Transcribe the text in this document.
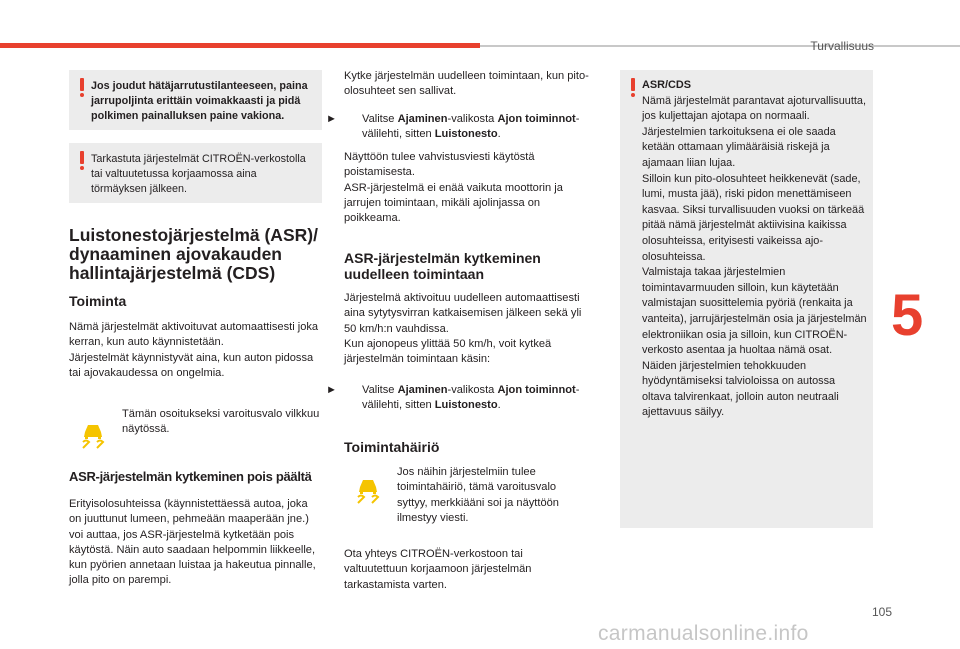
Turvallisuus
5
105
carmanualsonline.info
Jos joudut hätäjarrutustilanteeseen, paina jarrupoljinta erittäin voimakkaasti ja pidä polkimen painalluksen paine vakiona.
Tarkastuta järjestelmät CITROËN-verkostolla tai valtuutetussa korjaamossa aina törmäyksen jälkeen.
Luistonestojärjestelmä (ASR)/
dynaaminen ajovakauden
hallintajärjestelmä (CDS)
Toiminta

Nämä järjestelmät aktivoituvat automaattisesti joka kerran, kun auto käynnistetään.

Järjestelmät käynnistyvät aina, kun auton pidossa tai ajovakaudessa on ongelmia.

Tämän osoitukseksi varoitusvalo vilkkuu näytössä.
ASR-järjestelmän kytkeminen pois päältä
Erityisolosuhteissa (käynnistettäessä autoa, joka on juuttunut lumeen, pehmeään maaperään jne.) voi auttaa, jos ASR-järjestelmä kytketään pois käytöstä. Näin auto saadaan helpommin liikkeelle, kun pyörien annetaan luistaa ja hakeutua pinnalle, jolla pito on parempi.
Kytke järjestelmän uudelleen toimintaan, kun pito-olosuhteet sen sallivat.
► Valitse Ajaminen-valikosta Ajon toiminnot-välilehti, sitten Luistonesto.

Näyttöön tulee vahvistusviesti käytöstä poistamisesta.

ASR-järjestelmä ei enää vaikuta moottorin ja jarrujen toimintaan, mikäli ajolinjassa on poikkeama.

ASR-järjestelmän kytkeminen
uudelleen toimintaan

Järjestelmä aktivoituu uudelleen automaattisesti aina sytytysvirran katkaisemisen jälkeen sekä yli 50 km/h:n vauhdissa.

Kun ajonopeus ylittää 50 km/h, voit kytkeä järjestelmän toimintaan käsin:

► Valitse Ajaminen-valikosta Ajon toiminnot-välilehti, sitten Luistonesto.
Toimintahäiriö
Jos näihin järjestelmiin tulee toimintahäiriö, tämä varoitusvalo syttyy, merkkiääni soi ja näyttöön ilmestyy viesti.
Ota yhteys CITROËN-verkostoon tai valtuutettuun korjaamoon järjestelmän tarkastamista varten.
ASR/CDS
Nämä järjestelmät parantavat ajoturvallisuutta, jos kuljettajan ajotapa on normaali. Järjestelmien tarkoituksena ei ole saada ketään ottamaan ylimääräisiä riskejä ja ajamaan liian lujaa.
Silloin kun pito-olosuhteet heikkenevät (sade, lumi, musta jää), riski pidon menettämiseen kasvaa. Siksi turvallisuuden vuoksi on tärkeää pitää nämä järjestelmät aktiivisina kaikissa olosuhteissa, erityisesti vaikeissa ajo-olosuhteissa.
Valmistaja takaa järjestelmien toimintavarmuuden silloin, kun käytetään valmistajan suosittelemia pyöriä (renkaita ja vanteita), jarrujärjestelmän osia ja järjestelmän elektroniikan osia ja silloin, kun CITROËN-verkosto asentaa ja huoltaa nämä osat.
Näiden järjestelmien tehokkuuden hyödyntämiseksi talvioloissa on autossa oltava talvirenkaat, jolloin auton neutraali ajettavuus säilyy.
